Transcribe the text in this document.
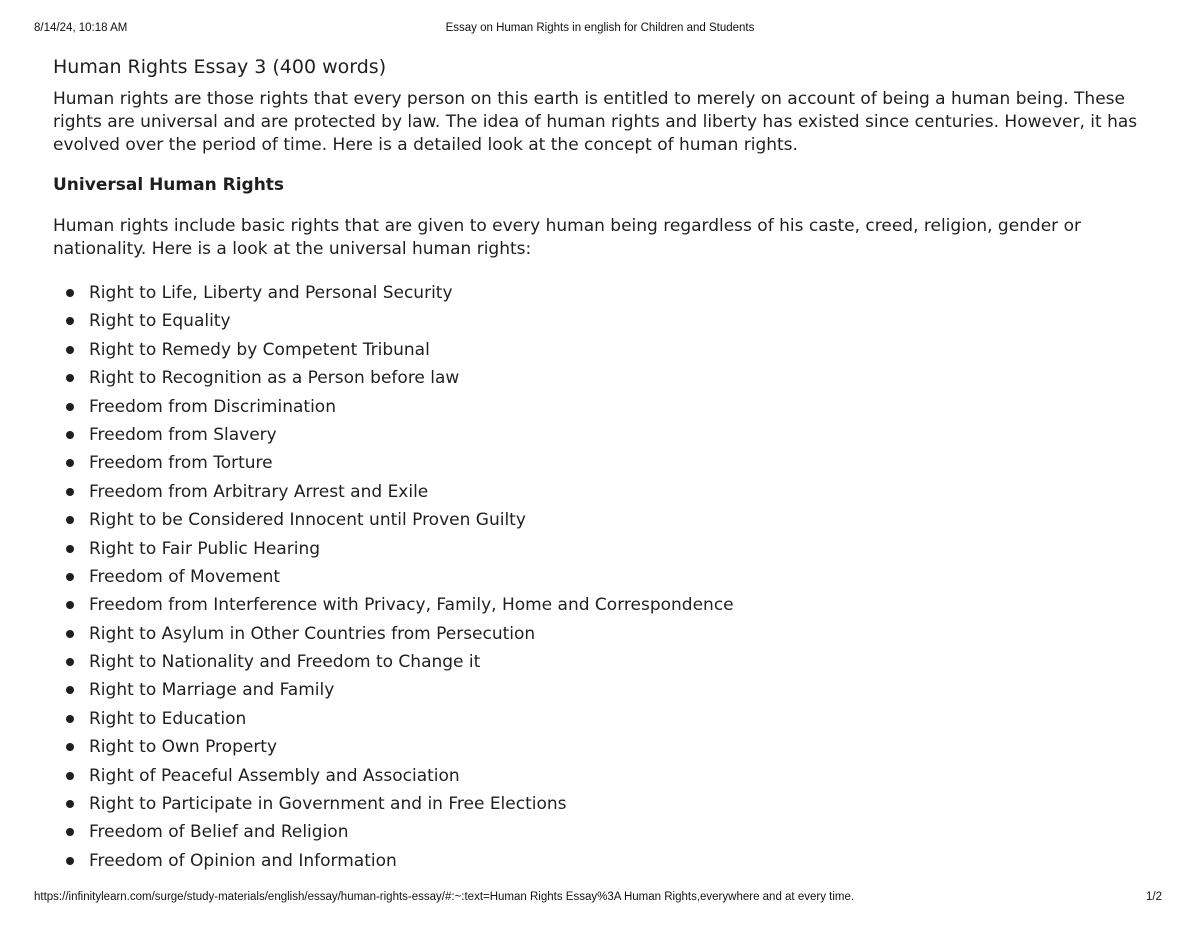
8/14/24, 10:18 AM	Essay on Human Rights in english for Children and Students
Human Rights Essay 3 (400 words)

Human rights are those rights that every person on this earth is entitled to merely on account of being a human being. These rights are universal and are protected by law. The idea of human rights and liberty has existed since centuries. However, it has evolved over the period of time. Here is a detailed look at the concept of human rights.

Universal Human Rights

Human rights include basic rights that are given to every human being regardless of his caste, creed, religion, gender or nationality. Here is a look at the universal human rights:

Right to Life, Liberty and Personal Security
Right to Equality
Right to Remedy by Competent Tribunal
Right to Recognition as a Person before law
Freedom from Discrimination
Freedom from Slavery
Freedom from Torture
Freedom from Arbitrary Arrest and Exile
Right to be Considered Innocent until Proven Guilty
Right to Fair Public Hearing
Freedom of Movement
Freedom from Interference with Privacy, Family, Home and Correspondence
Right to Asylum in Other Countries from Persecution
Right to Nationality and Freedom to Change it
Right to Marriage and Family
Right to Education
Right to Own Property
Right of Peaceful Assembly and Association
Right to Participate in Government and in Free Elections
Freedom of Belief and Religion
Freedom of Opinion and Information
https://infinitylearn.com/surge/study-materials/english/essay/human-rights-essay/#:~:text=Human Rights Essay%3A Human Rights,everywhere and at every time.	1/2
